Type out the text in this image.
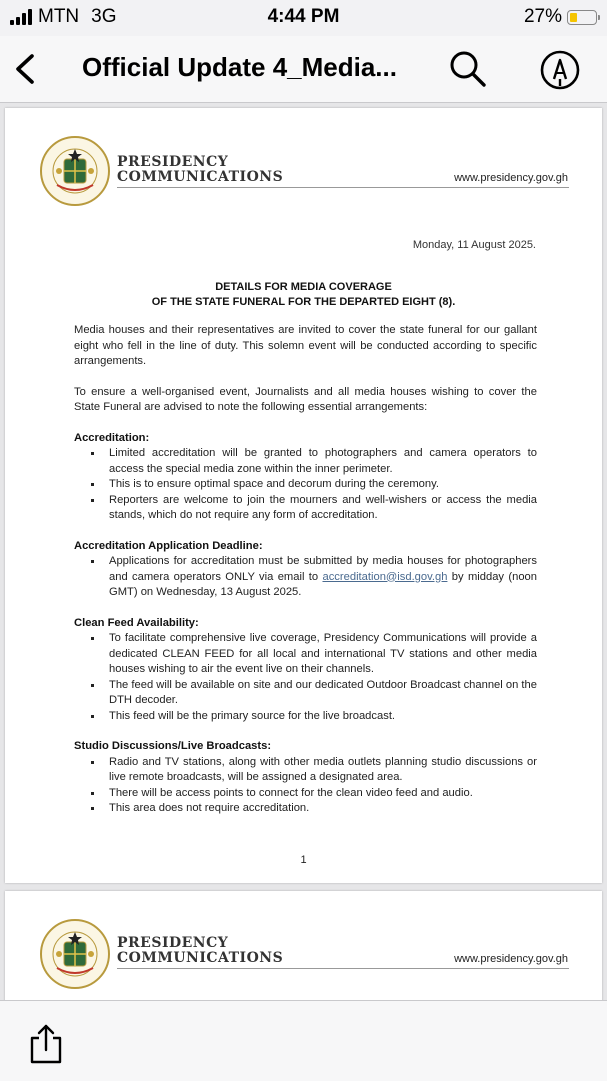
MTN 3G	4:44 PM	27%
Official Update 4_Media...
PRESIDENCY
COMMUNICATIONS	www.presidency.gov.gh
Monday, 11 August 2025.
DETAILS FOR MEDIA COVERAGE
OF THE STATE FUNERAL FOR THE DEPARTED EIGHT (8).

Media houses and their representatives are invited to cover the state funeral for our gallant eight who fell in the line of duty. This solemn event will be conducted according to specific arrangements.

To ensure a well-organised event, Journalists and all media houses wishing to cover the State Funeral are advised to note the following essential arrangements:

Accreditation:

Limited accreditation will be granted to photographers and camera operators to access the special media zone within the inner perimeter.
This is to ensure optimal space and decorum during the ceremony.
Reporters are welcome to join the mourners and well-wishers or access the media stands, which do not require any form of accreditation.

Accreditation Application Deadline:

Applications for accreditation must be submitted by media houses for photographers and camera operators ONLY via email to accreditation@isd.gov.gh by midday (noon GMT) on Wednesday, 13 August 2025.

Clean Feed Availability:

To facilitate comprehensive live coverage, Presidency Communications will provide a dedicated CLEAN FEED for all local and international TV stations and other media houses wishing to air the event live on their channels.
The feed will be available on site and our dedicated Outdoor Broadcast channel on the DTH decoder.
This feed will be the primary source for the live broadcast.

Studio Discussions/Live Broadcasts:

Radio and TV stations, along with other media outlets planning studio discussions or live remote broadcasts, will be assigned a designated area.
There will be access points to connect for the clean video feed and audio.
This area does not require accreditation.
1
PRESIDENCY
COMMUNICATIONS	www.presidency.gov.gh
